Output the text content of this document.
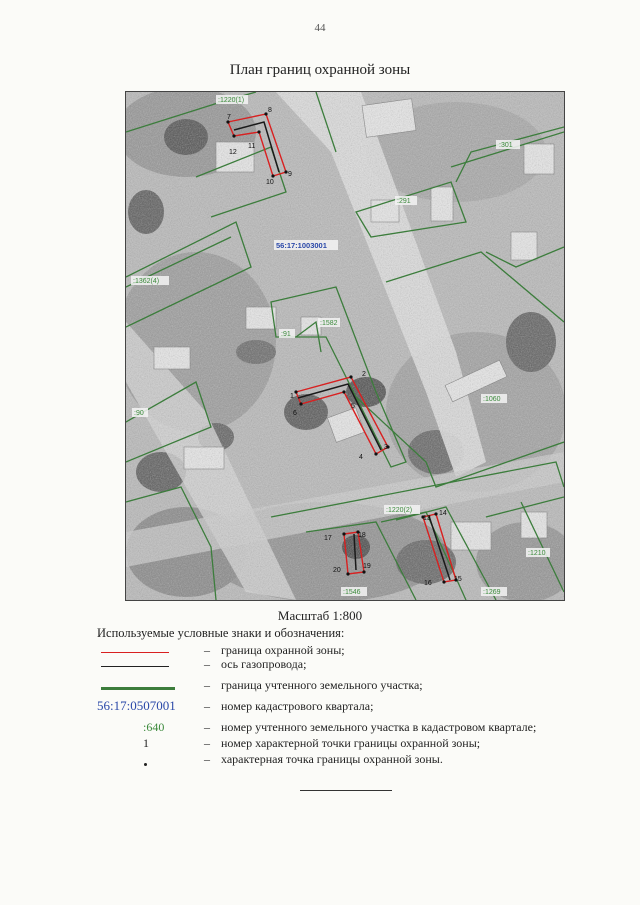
44
План границ охранной зоны
1
2
3
4
5
6
7
8
9
10
11
12
13
14
15
16
17	18
19
20
:1220(1)
:301
:291
:1362(4)
:1582
:91
:90
:1060
:1220(2)
:1210
:1546	:1269
56:17:1003001
Масштаб 1:800
Используемые условные знаки и обозначения:
– граница охранной зоны;
– ось газопровода;
– граница учтенного земельного участка;
56:17:0507001 – номер кадастрового квартала;
:640	– номер учтенного земельного участка в кадастровом квартале;
1	– номер характерной точки границы охранной зоны;
– характерная точка границы охранной зоны.
